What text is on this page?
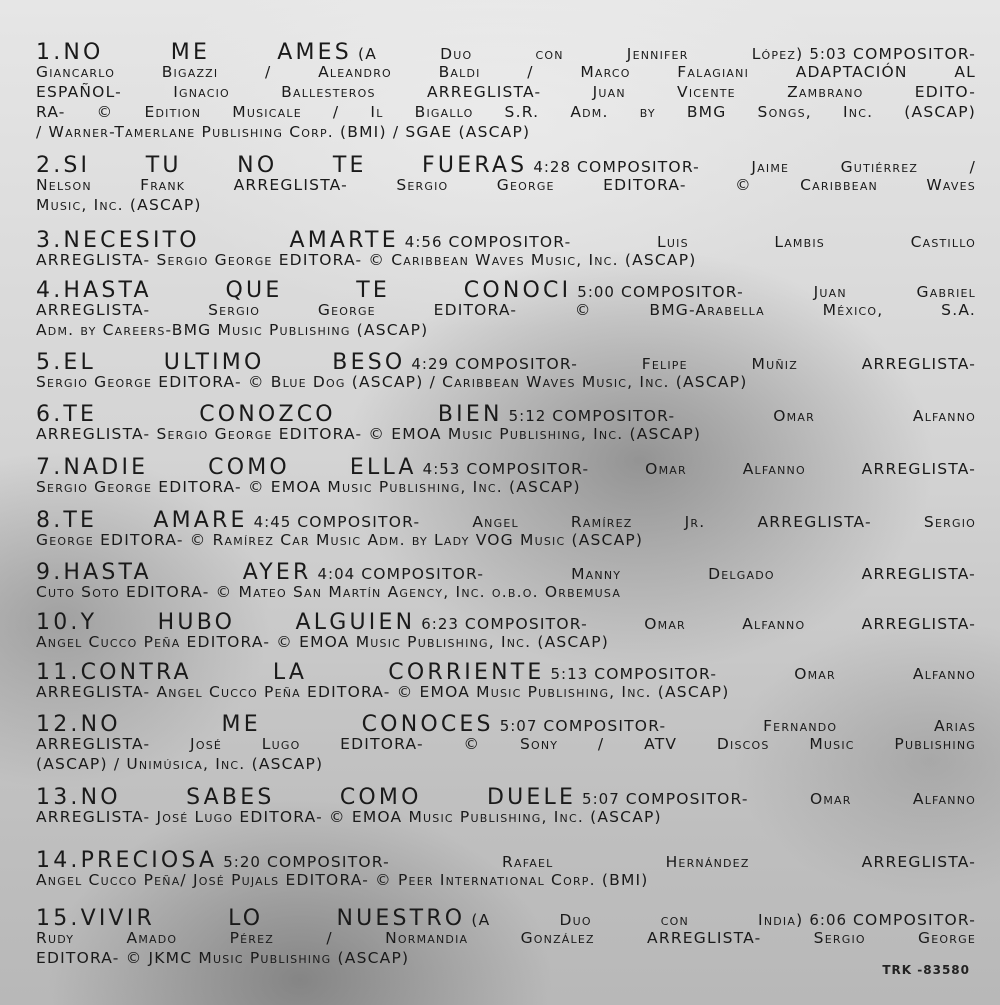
1.NO ME AMES (A Duo con Jennifer López) 5:03 COMPOSITOR-
Giancarlo Bigazzi / Aleandro Baldi / Marco Falagiani ADAPTACIÓN AL
ESPAÑOL- Ignacio Ballesteros ARREGLISTA- Juan Vicente Zambrano EDITO-
RA- © Edition Musicale / Il Bigallo S.R. Adm. by BMG Songs, Inc. (ASCAP)
/ Warner-Tamerlane Publishing Corp. (BMI) / SGAE (ASCAP)
2.SI TU NO TE FUERAS 4:28 COMPOSITOR- Jaime Gutiérrez /
Nelson Frank ARREGLISTA- Sergio George EDITORA- © Caribbean Waves
Music, Inc. (ASCAP)
3.NECESITO AMARTE 4:56 COMPOSITOR- Luis Lambis Castillo
ARREGLISTA- Sergio George EDITORA- © Caribbean Waves Music, Inc. (ASCAP)
4.HASTA QUE TE CONOCI 5:00 COMPOSITOR- Juan Gabriel
ARREGLISTA- Sergio George EDITORA- © BMG-Arabella México, S.A.
Adm. by Careers-BMG Music Publishing (ASCAP)
5.EL ULTIMO BESO 4:29 COMPOSITOR- Felipe Muñiz ARREGLISTA-
Sergio George EDITORA- © Blue Dog (ASCAP) / Caribbean Waves Music, Inc. (ASCAP)
6.TE CONOZCO BIEN 5:12 COMPOSITOR- Omar Alfanno
ARREGLISTA- Sergio George EDITORA- © EMOA Music Publishing, Inc. (ASCAP)
7.NADIE COMO ELLA 4:53 COMPOSITOR- Omar Alfanno ARREGLISTA-
Sergio George EDITORA- © EMOA Music Publishing, Inc. (ASCAP)
8.TE AMARE 4:45 COMPOSITOR- Angel Ramírez Jr. ARREGLISTA- Sergio
George EDITORA- © Ramírez Car Music Adm. by Lady VOG Music (ASCAP)
9.HASTA AYER 4:04 COMPOSITOR- Manny Delgado ARREGLISTA-
Cuto Soto EDITORA- © Mateo San Martín Agency, Inc. o.b.o. Orbemusa
10.Y HUBO ALGUIEN 6:23 COMPOSITOR- Omar Alfanno ARREGLISTA-
Angel Cucco Peña EDITORA- © EMOA Music Publishing, Inc. (ASCAP)
11.CONTRA LA CORRIENTE 5:13 COMPOSITOR- Omar Alfanno
ARREGLISTA- Angel Cucco Peña EDITORA- © EMOA Music Publishing, Inc. (ASCAP)
12.NO ME CONOCES 5:07 COMPOSITOR- Fernando Arias
ARREGLISTA- José Lugo EDITORA- © Sony / ATV Discos Music Publishing
(ASCAP) / Unimúsica, Inc. (ASCAP)
13.NO SABES COMO DUELE 5:07 COMPOSITOR- Omar Alfanno
ARREGLISTA- José Lugo EDITORA- © EMOA Music Publishing, Inc. (ASCAP)
14.PRECIOSA 5:20 COMPOSITOR- Rafael Hernández ARREGLISTA-
Angel Cucco Peña/ José Pujals EDITORA- © Peer International Corp. (BMI)
15.VIVIR LO NUESTRO (A Duo con India) 6:06 COMPOSITOR-
Rudy Amado Pérez / Normandia González ARREGLISTA- Sergio George
EDITORA- © JKMC Music Publishing (ASCAP)
TRK -83580
